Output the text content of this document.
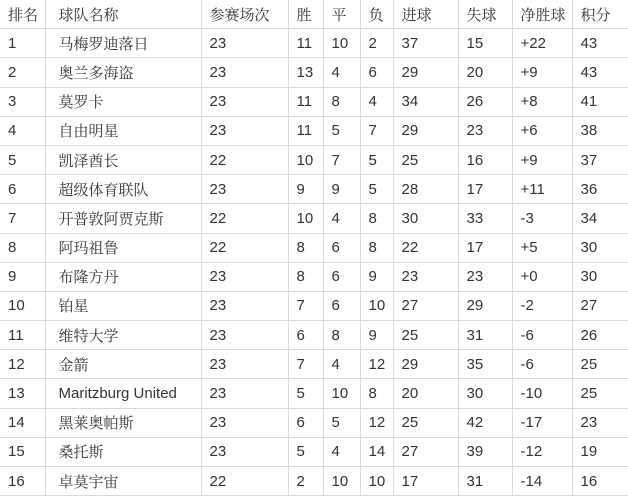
排名	球队名称	参赛场次	胜	平	负	进球	失球	净胜球	积分
1	马梅罗迪落日	23	11	10	2	37	15	+22	43
2	奥兰多海盗	23	13	4	6	29	20	+9	43
3	莫罗卡	23	11	8	4	34	26	+8	41
4	自由明星	23	11	5	7	29	23	+6	38
5	凯泽酋长	22	10	7	5	25	16	+9	37
6	超级体育联队	23	9	9	5	28	17	+11	36
7	开普敦阿贾克斯	22	10	4	8	30	33	-3	34
8	阿玛祖鲁	22	8	6	8	22	17	+5	30
9	布隆方丹	23	8	6	9	23	23	+0	30
10	铂星	23	7	6	10	27	29	-2	27
11	维特大学	23	6	8	9	25	31	-6	26
12	金箭	23	7	4	12	29	35	-6	25
13	Maritzburg United	23	5	10	8	20	30	-10	25
14	黑莱奥帕斯	23	6	5	12	25	42	-17	23
15	桑托斯	23	5	4	14	27	39	-12	19
16	卓莫宇宙	22	2	10	10	17	31	-14	16
